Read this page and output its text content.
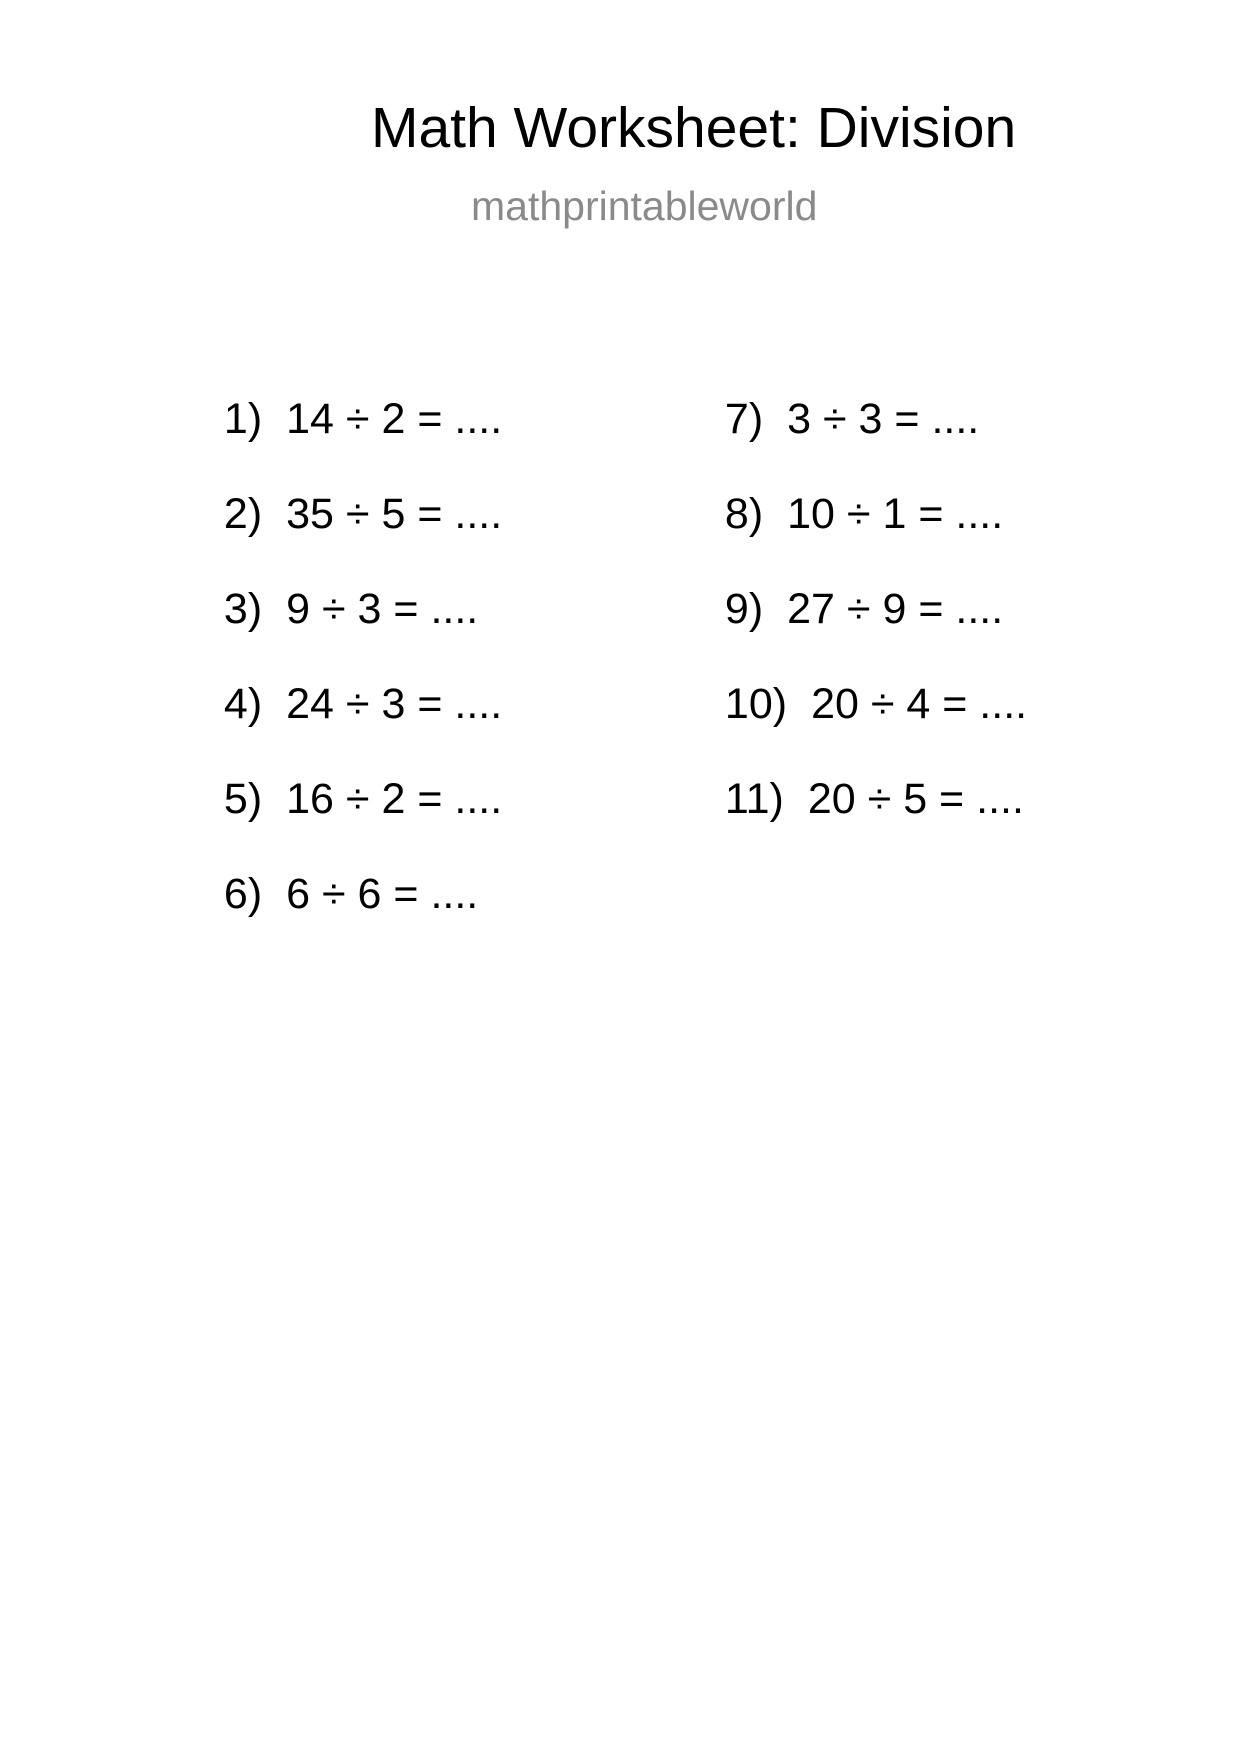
Math Worksheet: Division
mathprintableworld

1) 14 ÷ 2 = ....

2) 35 ÷ 5 = ....

3) 9 ÷ 3 = ....

4) 24 ÷ 3 = ....

5) 16 ÷ 2 = ....

6) 6 ÷ 6 = ....

7) 3 ÷ 3 = ....

8) 10 ÷ 1 = ....

9) 27 ÷ 9 = ....

10) 20 ÷ 4 = ....

11) 20 ÷ 5 = ....
